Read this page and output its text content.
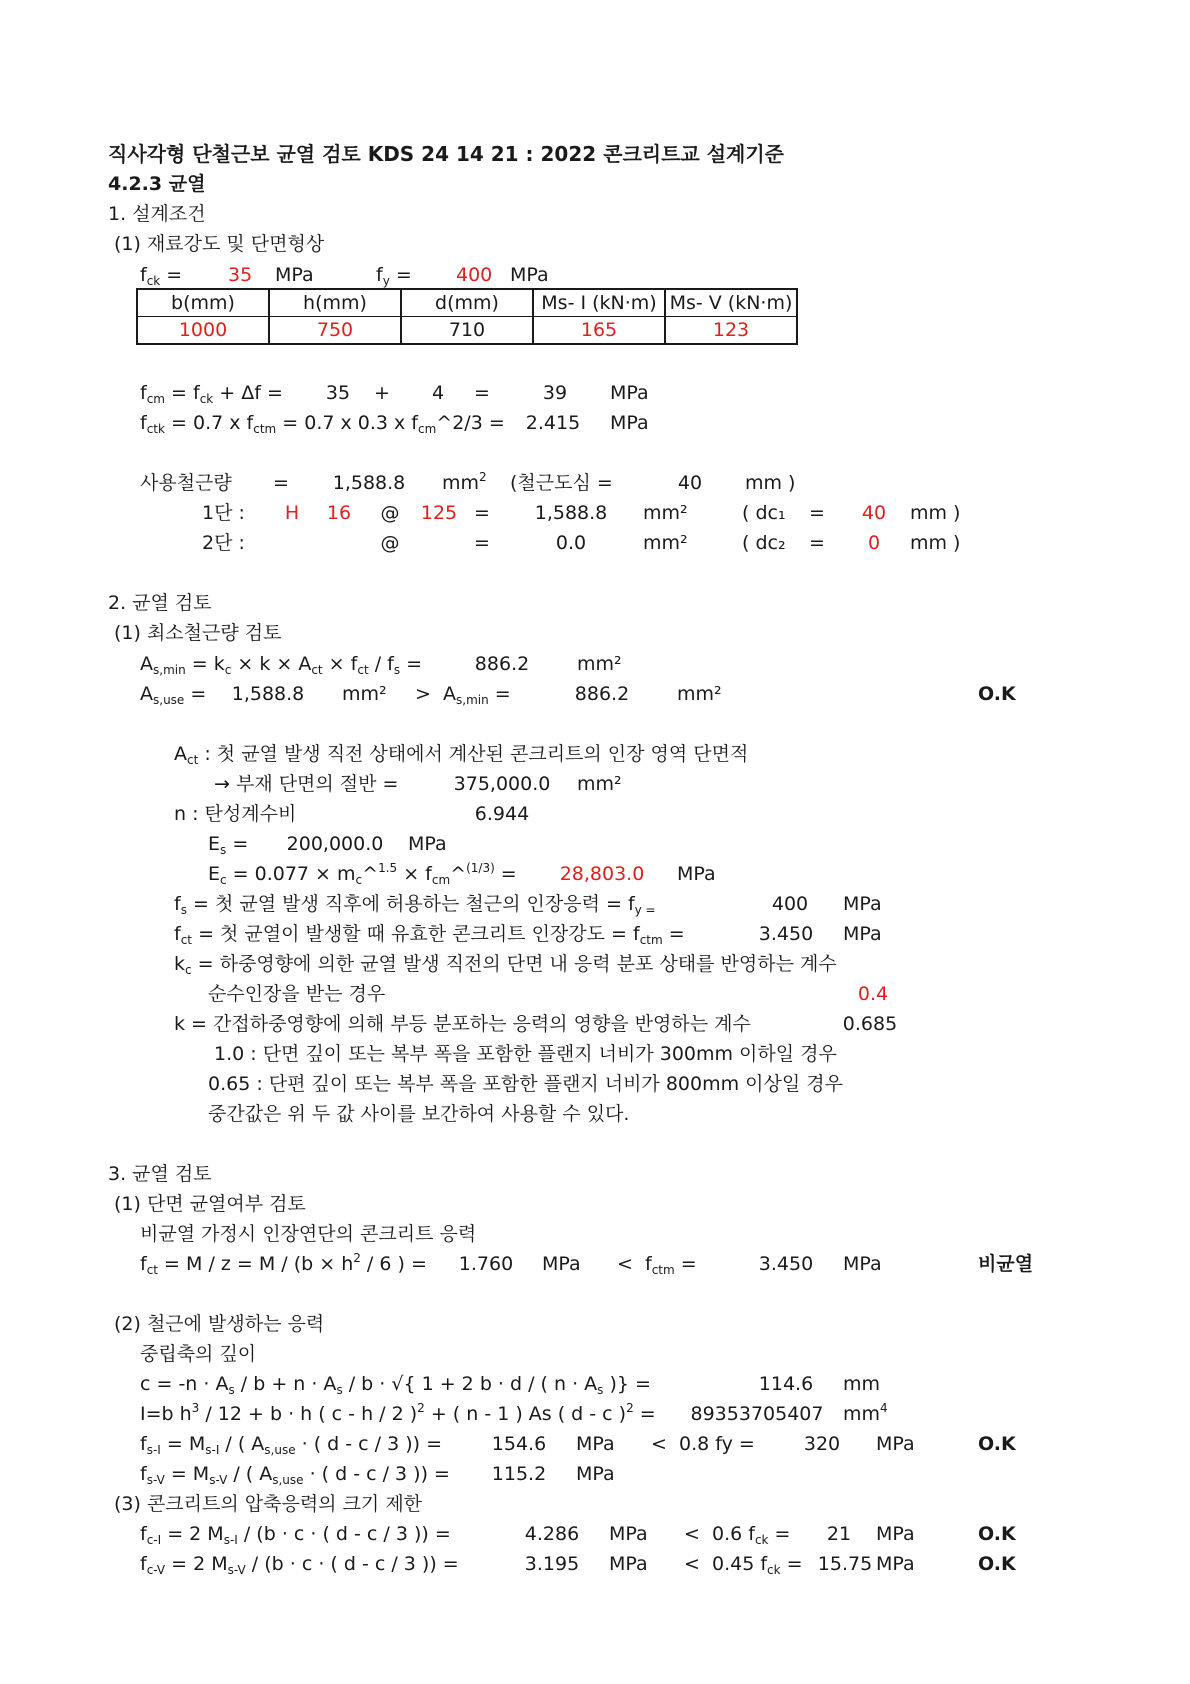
직사각형 단철근보 균열 검토 KDS 24 14 21 : 2022 콘크리트교 설계기준
4.2.3 균열
1. 설계조건
(1) 재료강도 및 단면형상
$f_{ck} = 35$ MPa	$f_y = 400$ MPa
b(mm)	h(mm)	d(mm)	Ms- I (kN·m)	Ms- V (kN·m)
1000	750	710	165	123
$f_{cm} = f_{ck} + \Delta f = 35 + 4$ =	39 MPa
$f_{ctk} = 0.7$ x $f_{ctm} = 0.7$ x 0.3 x $f_{cm}\^{}2/3 = 2.415$ MPa
사용철근량 = 1,588.8 $mm^2$ (철근도심 =	40 mm )
1단 : H 16 @ 125 = 1,588.8 mm²	( dc₁ = 40 mm )
2단 :	@	=	0.0	mm²	( dc₂ = 0 mm )
2. 균열 검토
(1) 최소철근량 검토
$A_{s,min} = k_c \times k \times A_{ct} \times f_{ct} / f_s$ =	886.2	mm²
$A_{s,use} = 1,588.8$ $mm^2 > A_{s,min}$ =	886.2	mm²	O.K
$A_{ct}$ : 첫 균열 발생 직전 상태에서 계산된 콘크리트의 인장 영역 단면적
→ 부재 단면의 절반 =	375,000.0 mm²
n : 탄성계수비	6.944
$E_s = 200,000.0$ MPa
$E_c = 0.077$ × $m_c\^{}^{1.5}$ × $f_{cm}\^{}^{(1/3)} = 28,803.0$ MPa
$f_s$ = 첫 균열 발생 직후에 허용하는 철근의 인장응력 = $f_{y =}$	400 MPa
$f_{ct}$ = 첫 균열이 발생할 때 유효한 콘크리트 인장강도 = $f_{ctm}$ =	3.450 MPa
$k_c$ = 하중영향에 의한 균열 발생 직전의 단면 내 응력 분포 상태를 반영하는 계수
순수인장을 받는 경우	0.4
k = 간접하중영향에 의해 부등 분포하는 응력의 영향을 반영하는 계수	0.685
1.0 : 단면 깊이 또는 복부 폭을 포함한 플랜지 너비가 300mm 이하일 경우
0.65 : 단편 깊이 또는 복부 폭을 포함한 플랜지 너비가 800mm 이상일 경우
중간값은 위 두 값 사이를 보간하여 사용할 수 있다.
3. 균열 검토
(1) 단면 균열여부 검토
비균열 가정시 인장연단의 콘크리트 응력
$f_{ct} = M / z = M / (b \times h^2 / 6$ ) = 1.760 MPa < $f_{ctm}$ =	3.450 MPa	비균열
(2) 철근에 발생하는 응력
중립축의 깊이
$c = -n \cdot A_s / b + n \cdot A_s / b$ · √{ 1 + 2 b · d / ( $n \cdot A_s$ )} =	114.6 mm
I=b $h^3 / 12 + b \cdot h$ ( c - h / 2 )$^2$ + ( n - 1 ) As ( d - c )$^2$ = 89353705407 $mm^4$
$f_{s-I} = M_{s-I}$ / ( $A_{s,use}$ · ( d - c / 3 )) =	154.6 MPa <  0.8 fy =	320 MPa	O.K
$f_{s-V} = M_{s-V}$ / ( $A_{s,use}$ · ( d - c / 3 )) = 115.2 MPa
(3) 콘크리트의 압축응력의 크기 제한
$f_{c-I} = 2$ $M_{s-I} / (b \cdot c$ · ( d - c / 3 )) =	4.286 MPa <  0.6 $f_{ck} = 21$ MPa	O.K
$f_{c-V} = 2$ $M_{s-V} / (b \cdot c$ · ( d - c / 3 )) =	3.195 MPa <  0.45 $f_{ck} = 15.75$ MPa	O.K
